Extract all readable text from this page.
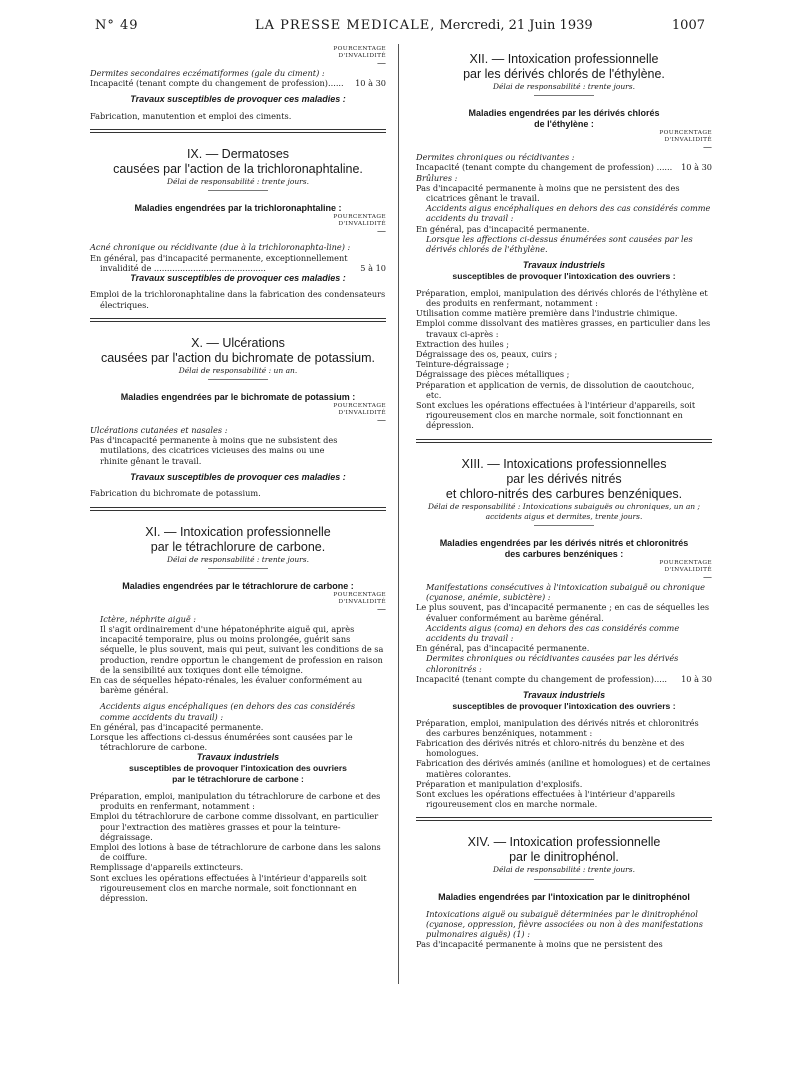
N° 49	LA PRESSE MEDICALE, Mercredi, 21 Juin 1939	1007
POURCENTAGE
D'INVALIDITÉ
—

Dermites secondaires eczématiformes (gale du ciment) :

Incapacité (tenant compte du changement de profession)...... 10 à 30

Travaux susceptibles de provoquer ces maladies :

Fabrication, manutention et emploi des ciments.

IX. — Dermatoses
causées par l'action de la trichloronaphtaline.

Délai de responsabilité : trente jours.

Maladies engendrées par la trichloronaphtaline :

POURCENTAGE
D'INVALIDITÉ
—

Acné chronique ou récidivante (due à la trichloronaphta-line) :

En général, pas d'incapacité permanente, exceptionnellement invalidité de ...........................................	5 à 10

Travaux susceptibles de provoquer ces maladies :

Emploi de la trichloronaphtaline dans la fabrication des condensateurs électriques.

X. — Ulcérations
causées par l'action du bichromate de potassium.

Délai de responsabilité : un an.

Maladies engendrées par le bichromate de potassium :

POURCENTAGE
D'INVALIDITÉ
—

Ulcérations cutanées et nasales :

Pas d'incapacité permanente à moins que ne subsistent des mutilations, des cicatrices vicieuses des mains ou une rhinite gênant le travail.

Travaux susceptibles de provoquer ces maladies :

Fabrication du bichromate de potassium.

XI. — Intoxication professionnelle
par le tétrachlorure de carbone.

Délai de responsabilité : trente jours.

Maladies engendrées par le tétrachlorure de carbone :

POURCENTAGE
D'INVALIDITÉ
—

Ictère, néphrite aiguë :

Il s'agit ordinairement d'une hépatonéphrite aiguë qui, après incapacité temporaire, plus ou moins prolongée, guérit sans séquelle, le plus souvent, mais qui peut, suivant les conditions de sa production, rendre opportun le changement de profession en raison de la sensibilité aux toxiques dont elle témoigne.

En cas de séquelles hépato-rénales, les évaluer conformément au barème général.

Accidents aigus encéphaliques (en dehors des cas considérés comme accidents du travail) :

En général, pas d'incapacité permanente.

Lorsque les affections ci-dessus énumérées sont causées par le tétrachlorure de carbone.

Travaux industriels

susceptibles de provoquer l'intoxication des ouvriers
par le tétrachlorure de carbone :

Préparation, emploi, manipulation du tétrachlorure de carbone et des produits en renfermant, notamment :

Emploi du tétrachlorure de carbone comme dissolvant, en particulier pour l'extraction des matières grasses et pour la teinture-dégraissage.

Emploi des lotions à base de tétrachlorure de carbone dans les salons de coiffure.

Remplissage d'appareils extincteurs.

Sont exclues les opérations effectuées à l'intérieur d'appareils soit rigoureusement clos en marche normale, soit fonctionnant en dépression.

XII. — Intoxication professionnelle
par les dérivés chlorés de l'éthylène.

Délai de responsabilité : trente jours.

Maladies engendrées par les dérivés chlorés
de l'éthylène :

POURCENTAGE
D'INVALIDITÉ
—

Dermites chroniques ou récidivantes :

Incapacité (tenant compte du changement de profession) ...... 10 à 30

Brûlures :

Pas d'incapacité permanente à moins que ne persistent des des cicatrices gênant le travail.

Accidents aigus encéphaliques en dehors des cas considérés comme accidents du travail :

En général, pas d'incapacité permanente.

Lorsque les affections ci-dessus énumérées sont causées par les dérivés chlorés de l'éthylène.

Travaux industriels

susceptibles de provoquer l'intoxication des ouvriers :

Préparation, emploi, manipulation des dérivés chlorés de l'éthylène et des produits en renfermant, notamment :

Utilisation comme matière première dans l'industrie chimique.

Emploi comme dissolvant des matières grasses, en particulier dans les travaux ci-après :

Extraction des huiles ;

Dégraissage des os, peaux, cuirs ;

Teinture-dégraissage ;

Dégraissage des pièces métalliques ;

Préparation et application de vernis, de dissolution de caoutchouc, etc.

Sont exclues les opérations effectuées à l'intérieur d'appareils, soit rigoureusement clos en marche normale, soit fonctionnant en dépression.

XIII. — Intoxications professionnelles
par les dérivés nitrés
et chloro-nitrés des carbures benzéniques.

Délai de responsabilité : Intoxications subaiguës ou chroniques, un an ; accidents aigus et dermites, trente jours.

Maladies engendrées par les dérivés nitrés et chloronitrés
des carbures benzéniques :

POURCENTAGE
D'INVALIDITÉ
—

Manifestations consécutives à l'intoxication subaiguë ou chronique (cyanose, anémie, subictère) :

Le plus souvent, pas d'incapacité permanente ; en cas de séquelles les évaluer conformément au barème général.

Accidents aigus (coma) en dehors des cas considérés comme accidents du travail :

En général, pas d'incapacité permanente.

Dermites chroniques ou récidivantes causées par les dérivés chloronitrés :

Incapacité (tenant compte du changement de profession)..... 10 à 30

Travaux industriels

susceptibles de provoquer l'intoxication des ouvriers :

Préparation, emploi, manipulation des dérivés nitrés et chloronitrés des carbures benzéniques, notamment :

Fabrication des dérivés nitrés et chloro-nitrés du benzène et des homologues.

Fabrication des dérivés aminés (aniline et homologues) et de certaines matières colorantes.

Préparation et manipulation d'explosifs.

Sont exclues les opérations effectuées à l'intérieur d'appareils rigoureusement clos en marche normale.

XIV. — Intoxication professionnelle
par le dinitrophénol.

Délai de responsabilité : trente jours.

Maladies engendrées par l'intoxication par le dinitrophénol

Intoxications aiguë ou subaiguë déterminées par le dinitrophénol (cyanose, oppression, fièvre associées ou non à des manifestations pulmonaires aiguës) (1) :

Pas d'incapacité permanente à moins que ne persistent des
